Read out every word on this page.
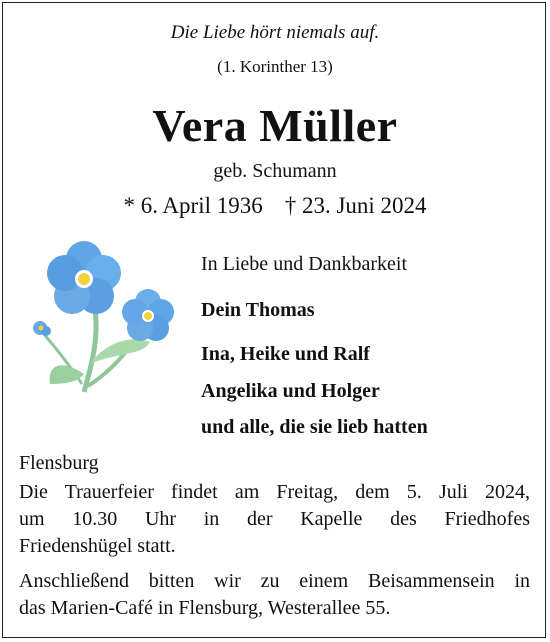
Die Liebe hört niemals auf.
(1. Korinther 13)
Vera Müller
geb. Schumann
* 6. April 1936 † 23. Juni 2024
In Liebe und Dankbarkeit
Dein Thomas
Ina, Heike und Ralf
Angelika und Holger
und alle, die sie lieb hatten
Flensburg
Die Trauerfeier findet am Freitag, dem 5. Juli 2024,
um 10.30 Uhr in der Kapelle des Friedhofes
Friedenshügel statt.
Anschließend bitten wir zu einem Beisammensein in
das Marien-Café in Flensburg, Westerallee 55.
